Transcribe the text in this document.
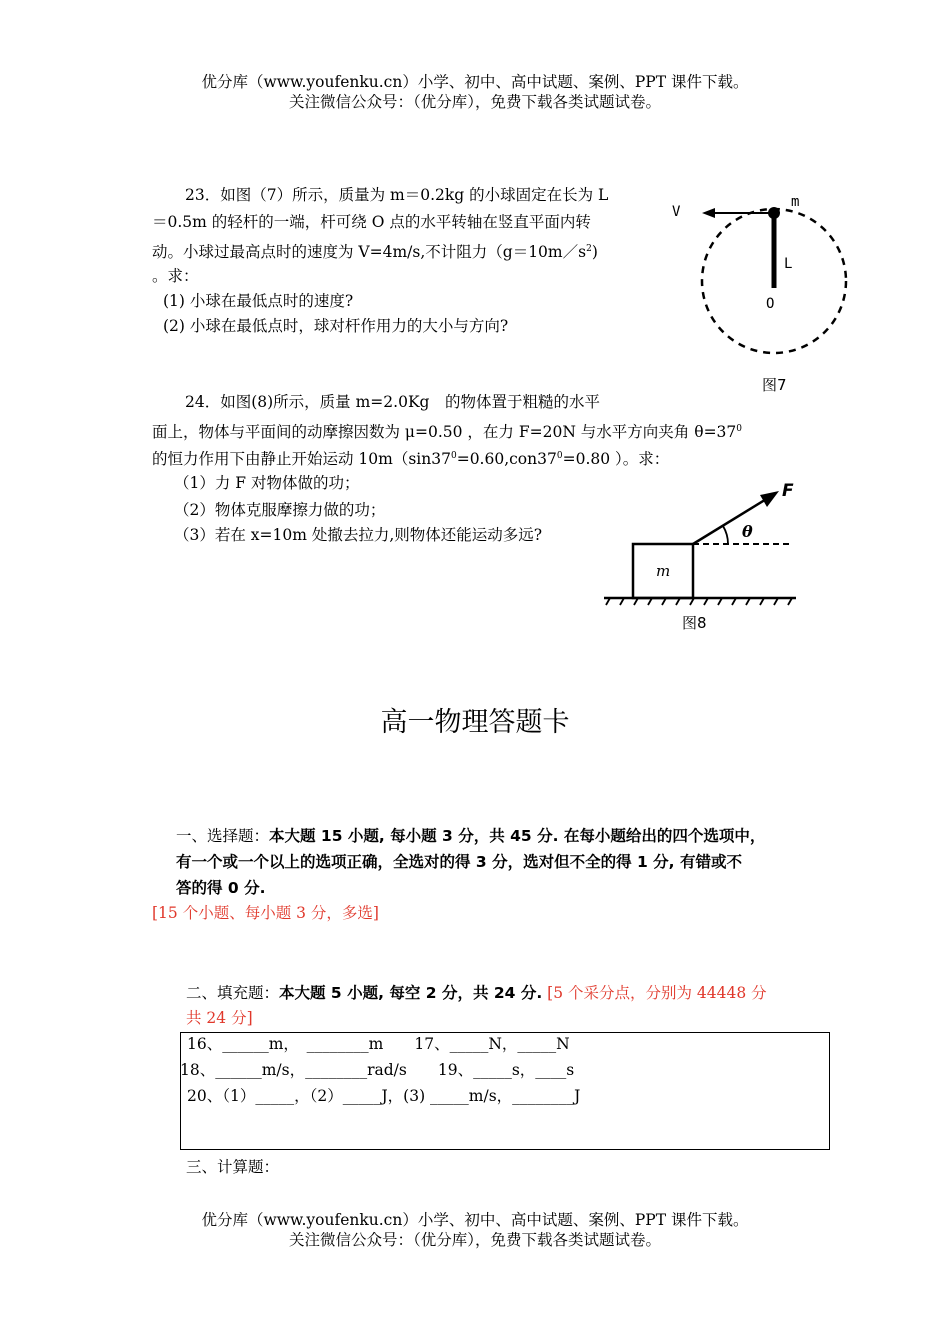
优分库（www.youfenku.cn）小学、初中、高中试题、案例、PPT 课件下载。
关注微信公众号：（优分库），免费下载各类试题试卷。
23．如图（7）所示，质量为 m＝0.2kg 的小球固定在长为 L
＝0.5m 的轻杆的一端，杆可绕 O 点的水平转轴在竖直平面内转
动。小球过最高点时的速度为 V=4m/s,不计阻力$(g=10m/s^2)$
。求：
(1) 小球在最低点时的速度?
(2) 小球在最低点时，球对杆作用力的大小与方向?
V
m
L
O
图7
24．如图(8)所示，质量 m=2.0Kg　的物体置于粗糙的水平
面上，物体与平面间的动摩擦因数为 μ=0.50 ，在力 F=20N 与水平方向夹角 $\theta=37^0$
的恒力作用下由静止开始运动 $10m(\sin 37^0=0.60,con37^0=0.80$ ）。求：
（1）力 F 对物体做的功；
（2）物体克服摩擦力做的功；
（3）若在 x=10m 处撤去拉力,则物体还能运动多远?
m
F
θ
图8
高一物理答题卡
一、选择题：本大题 15 小题, 每小题 3 分，共 45 分. 在每小题给出的四个选项中，
有一个或一个以上的选项正确，全选对的得 3 分，选对但不全的得 1 分, 有错或不
答的得 0 分.
[15 个小题、每小题 3 分，多选]
二、填充题：本大题 5 小题, 每空 2 分，共 24 分. [5 个采分点，分别为 44448 分
共 24 分]
16、______m，　________m　　17、_____N，_____N
18、______m/s，________rad/s　　19、_____s，____s
20、（1）_____，（2）_____J，(3) _____m/s，________J
三、计算题：
优分库（www.youfenku.cn）小学、初中、高中试题、案例、PPT 课件下载。
关注微信公众号：（优分库），免费下载各类试题试卷。
